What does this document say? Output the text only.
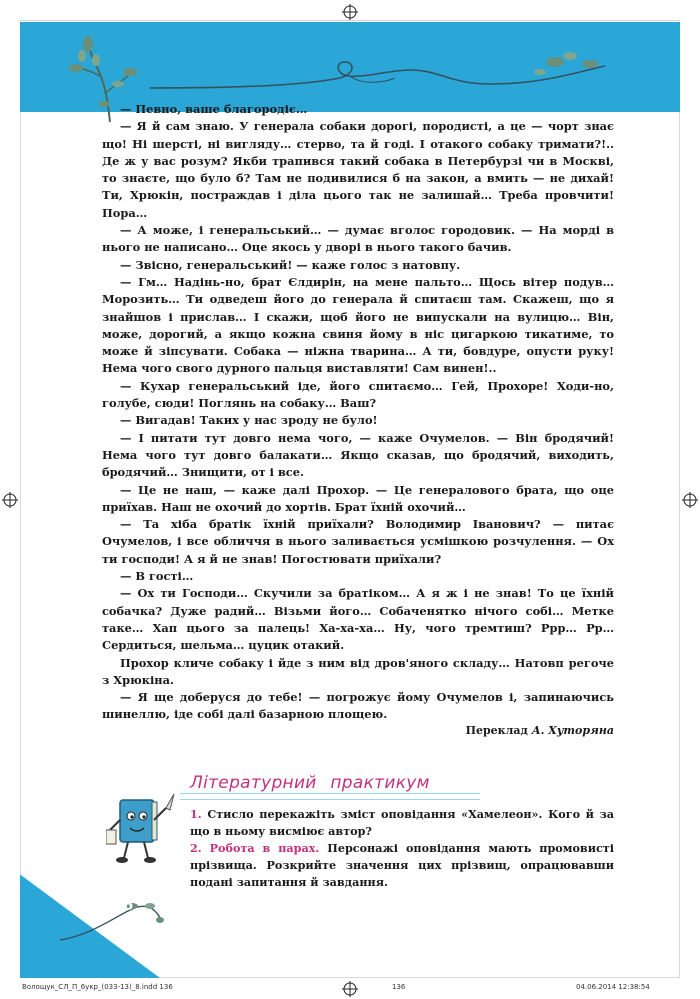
— Певно, ваше благородіє…

— Я й сам знаю. У генерала собаки дорогі, породисті, а це — чорт знає що! Ні шерсті, ні вигляду… стерво, та й годі. І отакого собаку тримати?!.. Де ж у вас розум? Якби трапився такий собака в Петербурзі чи в Москві, то знаєте, що було б? Там не подивилися б на закон, а вмить — не дихай! Ти, Хрюкін, постраждав і діла цього так не залишай… Треба провчити! Пора…

— А може, і генеральський… — думає вголос городовик. — На морді в нього не написано… Оце якось у дворі в нього такого бачив.

— Звісно, генеральський! — каже голос з натовпу.

— Гм… Надінь-но, брат Єлдирін, на мене пальто… Щось вітер подув… Морозить… Ти одведеш його до генерала й спитаєш там. Скажеш, що я знайшов і прислав… І скажи, щоб його не випускали на вулицю… Він, може, дорогий, а якщо кожна свиня йому в ніс цигаркою тикатиме, то може й зіпсувати. Собака — ніжна тварина… А ти, бовдуре, опусти руку! Нема чого свого дурного пальця виставляти! Сам винен!..

— Кухар генеральський іде, його спитаємо… Гей, Прохоре! Ходи-но, голубе, сюди! Поглянь на собаку… Ваш?

— Вигадав! Таких у нас зроду не було!

— І питати тут довго нема чого, — каже Очумелов. — Він бродячий! Нема чого тут довго балакати… Якщо сказав, що бродячий, виходить, бродячий… Знищити, от і все.

— Це не наш, — каже далі Прохор. — Це генералового брата, що оце приїхав. Наш не охочий до хортів. Брат їхній охочий…

— Та хіба братік їхній приїхали? Володимир Іванович? — питає Очумелов, і все обличчя в нього заливається усмішкою розчулення. — Ох ти господи! А я й не знав! Погостювати приїхали?

— В гості…

— Ох ти Господи… Скучили за братіком… А я ж і не знав! То це їхній собачка? Дуже радий… Візьми його… Собаченятко нічого собі… Метке таке… Хап цього за палець! Ха-ха-ха… Ну, чого тремтиш? Ррр… Рр… Сердиться, шельма… цуцик отакий.

Прохор кличе собаку і йде з ним від дров'яного складу… Натовп регоче з Хрюкіна.

— Я ще доберуся до тебе! — погрожує йому Очумелов і, запинаючись шинеллю, іде собі далі базарною площею.

Переклад А. Хуторяна
Літературний практикум

1. Стисло перекажіть зміст оповідання «Хамелеон». Кого й за що в ньому висміює автор?

2. Робота в парах. Персонажі оповідання мають промовисті прізвища. Розкрийте значення цих прізвищ, опрацювавши подані запитання й завдання.

136
Волощук_СЛ_П_6укр_(033-13)_8.indd 136	136	04.06.2014 12:38:54
